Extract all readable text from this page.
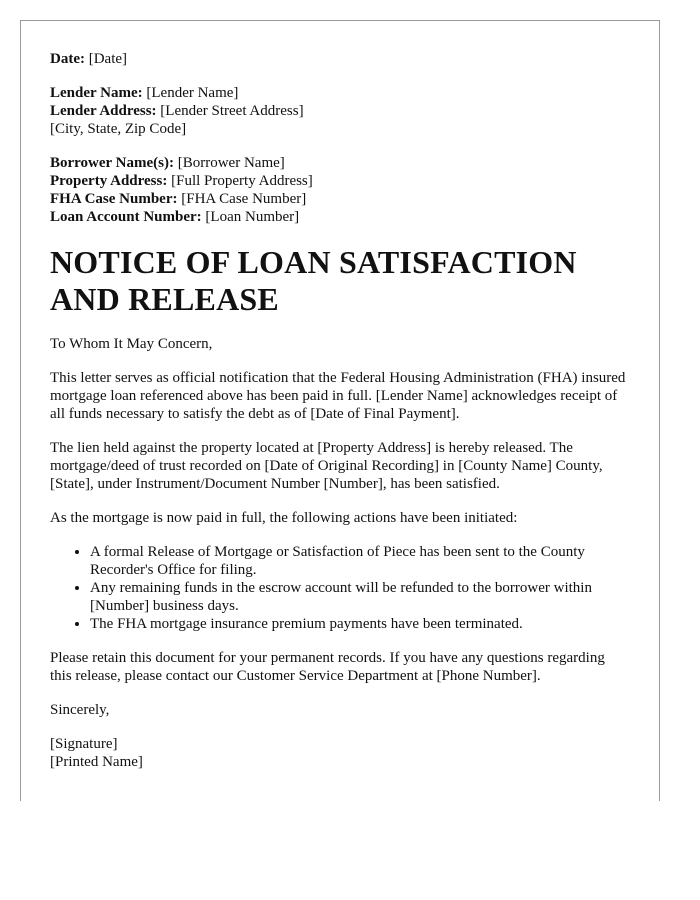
Date: [Date]
Lender Name: [Lender Name]
Lender Address: [Lender Street Address]
[City, State, Zip Code]
Borrower Name(s): [Borrower Name]
Property Address: [Full Property Address]
FHA Case Number: [FHA Case Number]
Loan Account Number: [Loan Number]
NOTICE OF LOAN SATISFACTION AND RELEASE

To Whom It May Concern,

This letter serves as official notification that the Federal Housing Administration (FHA) insured mortgage loan referenced above has been paid in full. [Lender Name] acknowledges receipt of all funds necessary to satisfy the debt as of [Date of Final Payment].

The lien held against the property located at [Property Address] is hereby released. The mortgage/deed of trust recorded on [Date of Original Recording] in [County Name] County, [State], under Instrument/Document Number [Number], has been satisfied.

As the mortgage is now paid in full, the following actions have been initiated:

• A formal Release of Mortgage or Satisfaction of Piece has been sent to the County Recorder's Office for filing.
• Any remaining funds in the escrow account will be refunded to the borrower within [Number] business days.
• The FHA mortgage insurance premium payments have been terminated.

Please retain this document for your permanent records. If you have any questions regarding this release, please contact our Customer Service Department at [Phone Number].

Sincerely,

[Signature]
[Printed Name]
